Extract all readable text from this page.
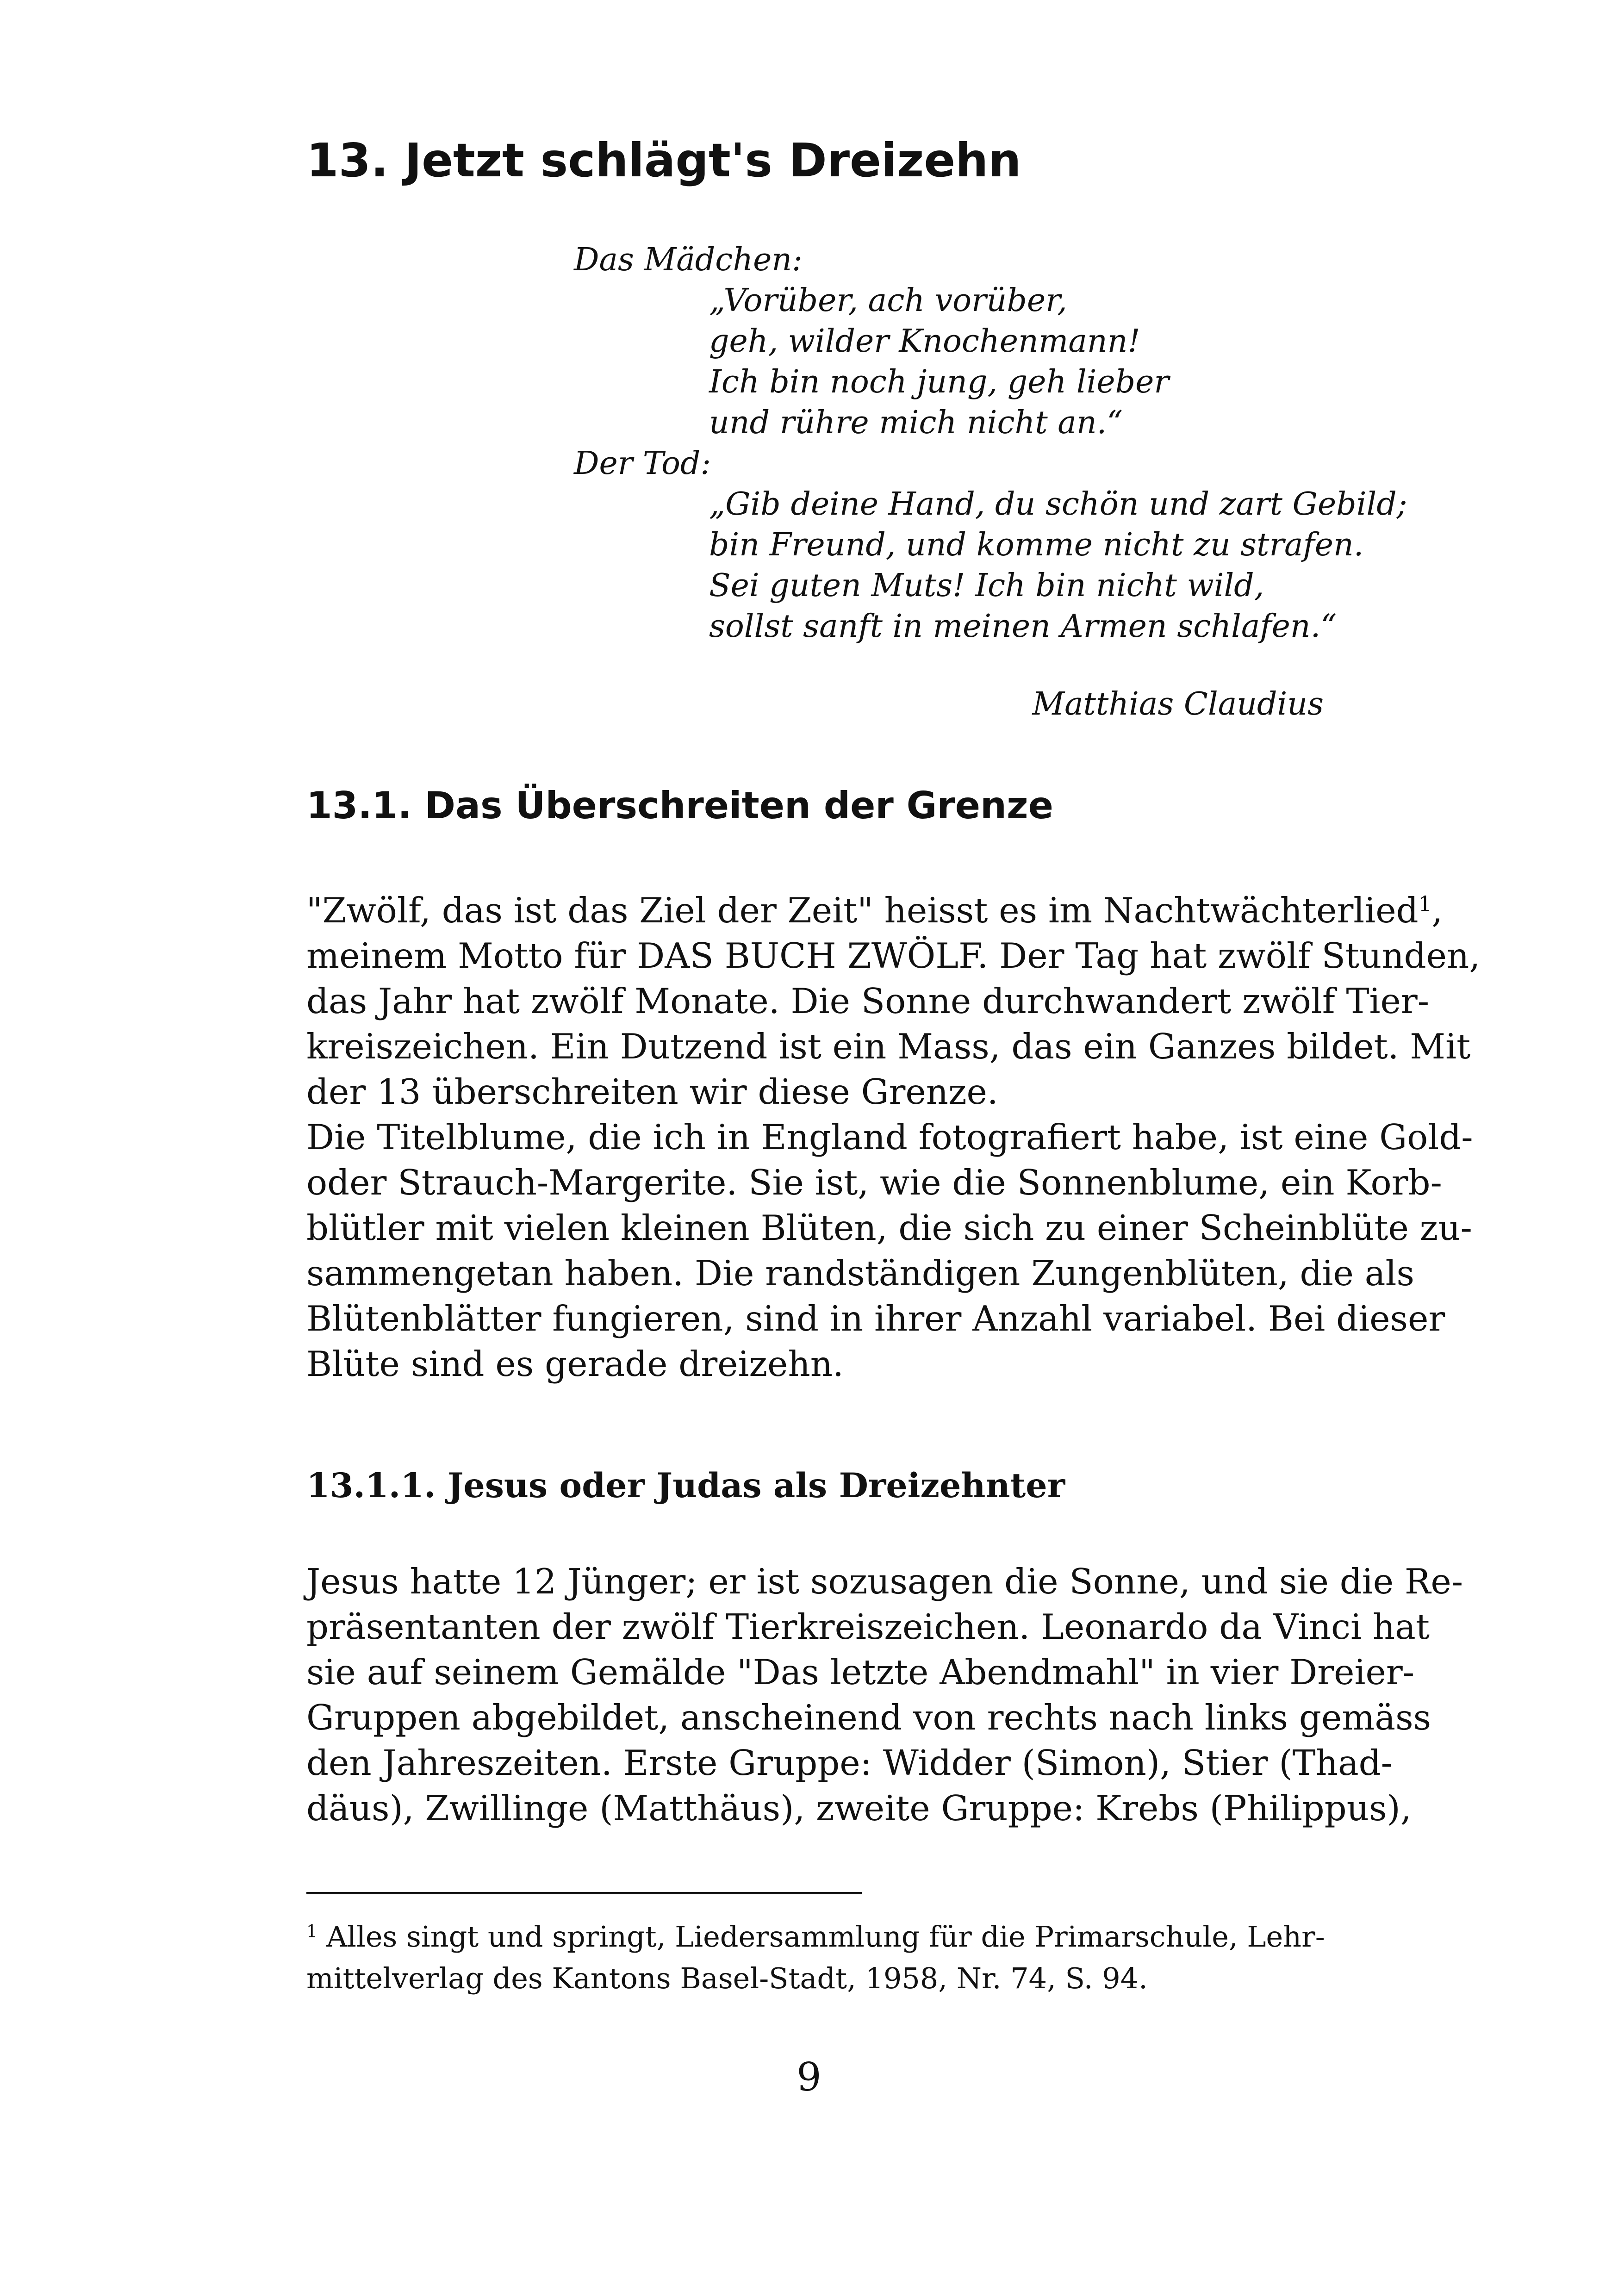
13. Jetzt schlägt's Dreizehn

Das Mädchen:

„Vorüber, ach vorüber,

geh, wilder Knochenmann!

Ich bin noch jung, geh lieber

und rühre mich nicht an.“

Der Tod:

„Gib deine Hand, du schön und zart Gebild;

bin Freund, und komme nicht zu strafen.

Sei guten Muts! Ich bin nicht wild,

sollst sanft in meinen Armen schlafen.“

Matthias Claudius

13.1. Das Überschreiten der Grenze
"Zwölf, das ist das Ziel der Zeit" heisst es im Nachtwächterlied$^1$,
meinem Motto für DAS BUCH ZWÖLF. Der Tag hat zwölf Stunden,
das Jahr hat zwölf Monate. Die Sonne durchwandert zwölf Tier-
kreiszeichen. Ein Dutzend ist ein Mass, das ein Ganzes bildet. Mit
der 13 überschreiten wir diese Grenze.
Die Titelblume, die ich in England fotografiert habe, ist eine Gold-
oder Strauch-Margerite. Sie ist, wie die Sonnenblume, ein Korb-
blütler mit vielen kleinen Blüten, die sich zu einer Scheinblüte zu-
sammengetan haben. Die randständigen Zungenblüten, die als
Blütenblätter fungieren, sind in ihrer Anzahl variabel. Bei dieser
Blüte sind es gerade dreizehn.
13.1.1. Jesus oder Judas als Dreizehnter
Jesus hatte 12 Jünger; er ist sozusagen die Sonne, und sie die Re-
präsentanten der zwölf Tierkreiszeichen. Leonardo da Vinci hat
sie auf seinem Gemälde "Das letzte Abendmahl" in vier Dreier-
Gruppen abgebildet, anscheinend von rechts nach links gemäss
den Jahreszeiten. Erste Gruppe: Widder (Simon), Stier (Thad-
däus), Zwillinge (Matthäus), zweite Gruppe: Krebs (Philippus),
$^1$ Alles singt und springt, Liedersammlung für die Primarschule, Lehr-
mittelverlag des Kantons Basel-Stadt, 1958, Nr. 74, S. 94.
9
